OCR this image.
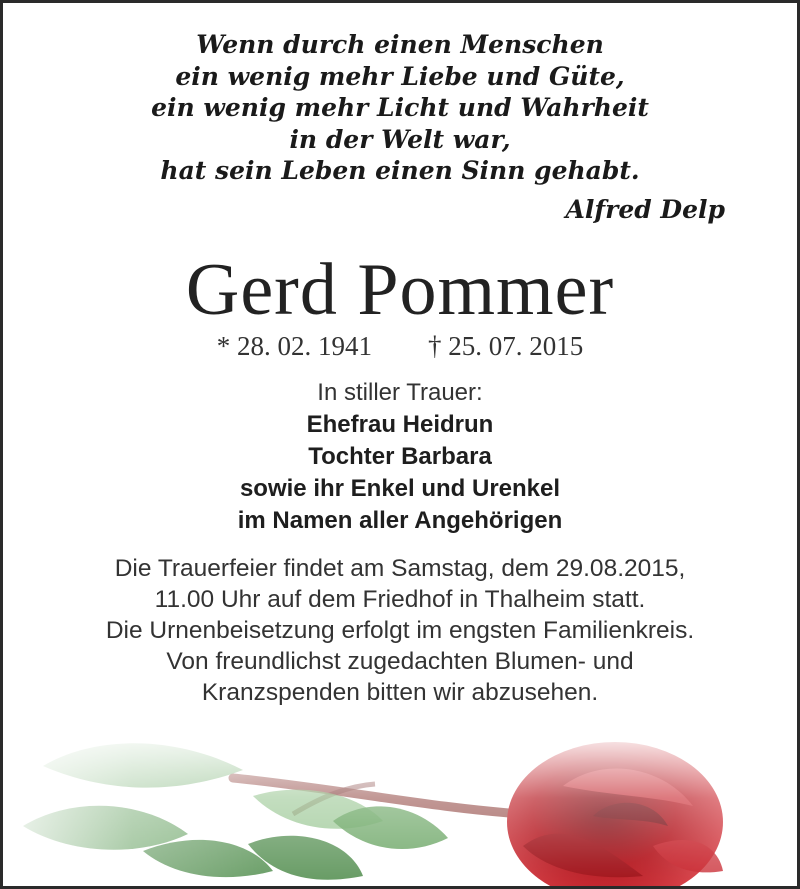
Wenn durch einen Menschen
ein wenig mehr Liebe und Güte,
ein wenig mehr Licht und Wahrheit
in der Welt war,
hat sein Leben einen Sinn gehabt.
Alfred Delp
Gerd Pommer
* 28. 02. 1941 † 25. 07. 2015
In stiller Trauer:
Ehefrau Heidrun
Tochter Barbara
sowie ihr Enkel und Urenkel
im Namen aller Angehörigen
Die Trauerfeier findet am Samstag, dem 29.08.2015,
11.00 Uhr auf dem Friedhof in Thalheim statt.
Die Urnenbeisetzung erfolgt im engsten Familienkreis.
Von freundlichst zugedachten Blumen- und
Kranzspenden bitten wir abzusehen.
